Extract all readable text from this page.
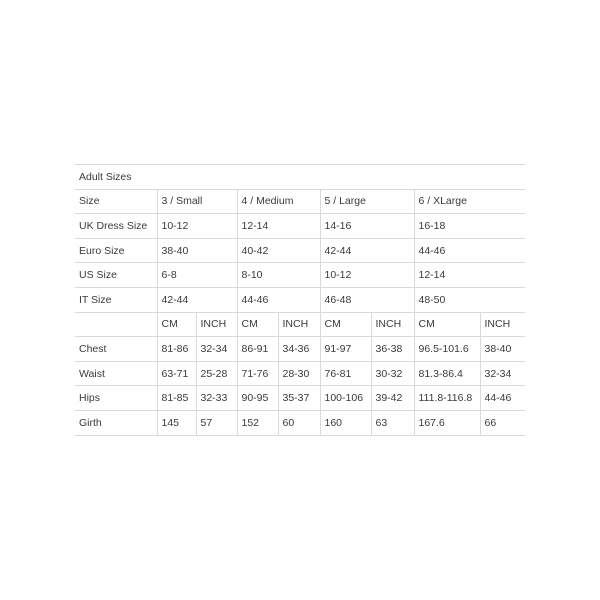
Adult Sizes								
Size	3 / Small		4 / Medium		5 / Large		6 / XLarge	
UK Dress Size	10-12		12-14		14-16		16-18	
Euro Size	38-40		40-42		42-44		44-46	
US Size	6-8		8-10		10-12		12-14	
IT Size	42-44		44-46		46-48		48-50	
	CM	INCH	CM	INCH	CM	INCH	CM	INCH
Chest	81-86	32-34	86-91	34-36	91-97	36-38	96.5-101.6	38-40
Waist	63-71	25-28	71-76	28-30	76-81	30-32	81.3-86.4	32-34
Hips	81-85	32-33	90-95	35-37	100-106	39-42	111.8-116.8	44-46
Girth	145	57	152	60	160	63	167.6	66
